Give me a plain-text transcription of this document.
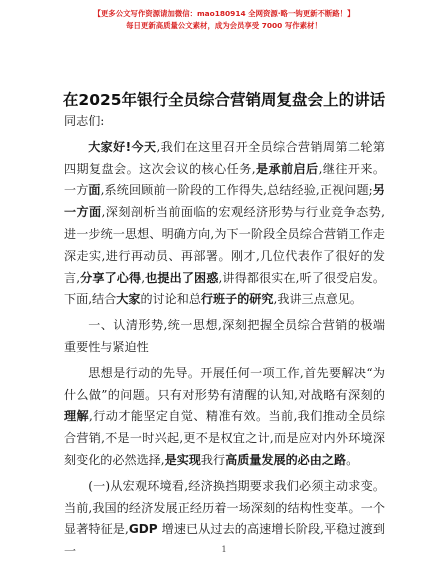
【更多公文写作资源请加微信：mao180914 全网资源·略一钩更新不断路！】
每日更新高质量公文素材，成为会员享受 7000 写作素材！
在2025年银行全员综合营销周复盘会上的讲话

同志们:

大家好!今天,我们在这里召开全员综合营销周第二轮第四期复盘会。这次会议的核心任务,是承前启后,继往开来。一方面,系统回顾前一阶段的工作得失,总结经验,正视问题;另一方面,深刻剖析当前面临的宏观经济形势与行业竞争态势,进一步统一思想、明确方向,为下一阶段全员综合营销工作走深走实,进行再动员、再部署。刚才,几位代表作了很好的发言,分享了心得,也提出了困惑,讲得都很实在,听了很受启发。下面,结合大家的讨论和总行班子的研究,我讲三点意见。

一、认清形势,统一思想,深刻把握全员综合营销的极端重要性与紧迫性

思想是行动的先导。开展任何一项工作,首先要解决“为什么做”的问题。只有对形势有清醒的认知,对战略有深刻的理解,行动才能坚定自觉、精准有效。当前,我们推动全员综合营销,不是一时兴起,更不是权宜之计,而是应对内外环境深刻变化的必然选择,是实现我行高质量发展的必由之路。

(一)从宏观环境看,经济换挡期要求我们必须主动求变。当前,我国的经济发展正经历着一场深刻的结构性变革。一个显著特征是,GDP 增速已从过去的高速增长阶段,平稳过渡到一	1
